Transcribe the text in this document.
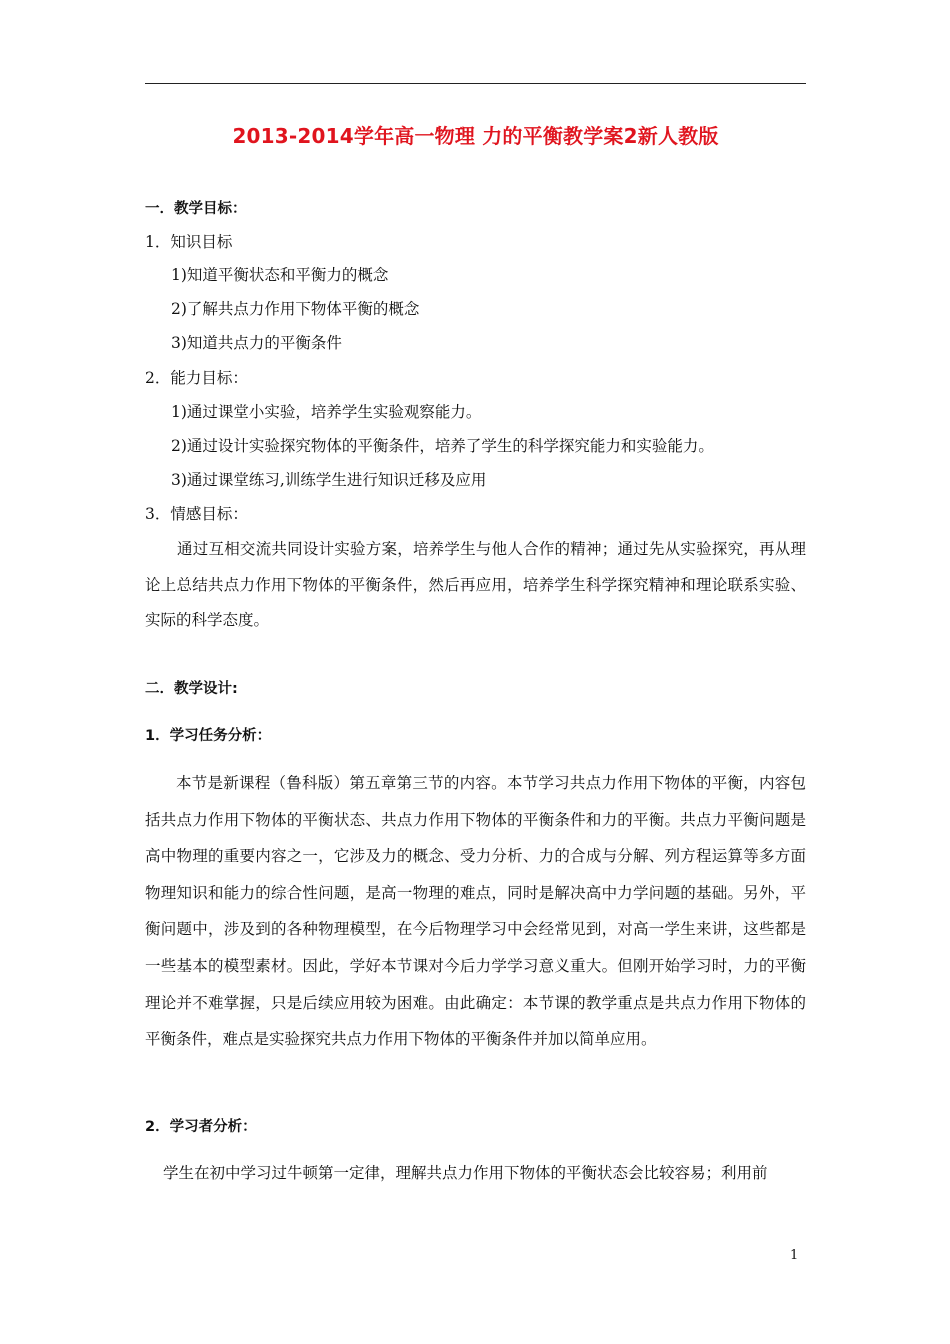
2013-2014学年高一物理 力的平衡教学案2新人教版
一．教学目标：
1．知识目标
1)知道平衡状态和平衡力的概念
2)了解共点力作用下物体平衡的概念
3)知道共点力的平衡条件
2．能力目标：
1)通过课堂小实验，培养学生实验观察能力。
2)通过设计实验探究物体的平衡条件，培养了学生的科学探究能力和实验能力。
3)通过课堂练习,训练学生进行知识迁移及应用
3．情感目标：
通过互相交流共同设计实验方案，培养学生与他人合作的精神；通过先从实验探究，再从理论上总结共点力作用下物体的平衡条件，然后再应用，培养学生科学探究精神和理论联系实验、实际的科学态度。
二．教学设计:
1．学习任务分析：
本节是新课程（鲁科版）第五章第三节的内容。本节学习共点力作用下物体的平衡，内容包括共点力作用下物体的平衡状态、共点力作用下物体的平衡条件和力的平衡。共点力平衡问题是高中物理的重要内容之一，它涉及力的概念、受力分析、力的合成与分解、列方程运算等多方面物理知识和能力的综合性问题，是高一物理的难点，同时是解决高中力学问题的基础。另外，平衡问题中，涉及到的各种物理模型，在今后物理学习中会经常见到，对高一学生来讲，这些都是一些基本的模型素材。因此，学好本节课对今后力学学习意义重大。但刚开始学习时，力的平衡理论并不难掌握，只是后续应用较为困难。由此确定：本节课的教学重点是共点力作用下物体的平衡条件，难点是实验探究共点力作用下物体的平衡条件并加以简单应用。
2．学习者分析：
学生在初中学习过牛顿第一定律，理解共点力作用下物体的平衡状态会比较容易；利用前
1
